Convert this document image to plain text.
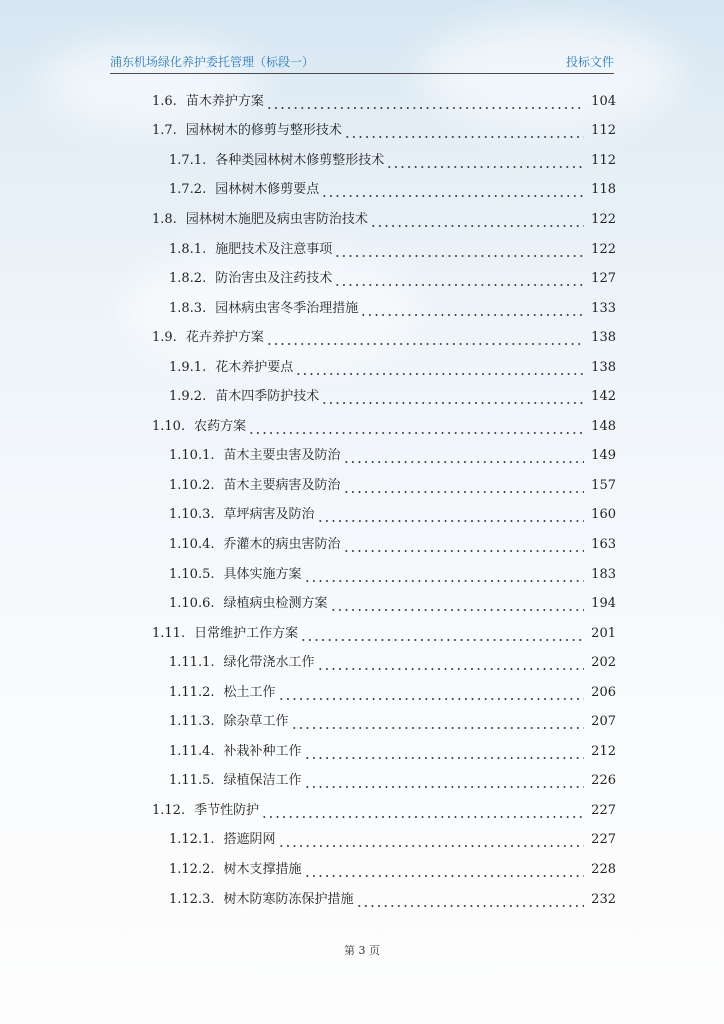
浦东机场绿化养护委托管理（标段一）	投标文件
1.6. 苗木养护方案	104
1.7. 园林树木的修剪与整形技术	112
1.7.1. 各种类园林树木修剪整形技术	112
1.7.2. 园林树木修剪要点	118
1.8. 园林树木施肥及病虫害防治技术	122
1.8.1. 施肥技术及注意事项	122
1.8.2. 防治害虫及注药技术	127
1.8.3. 园林病虫害冬季治理措施	133
1.9. 花卉养护方案	138
1.9.1. 花木养护要点	138
1.9.2. 苗木四季防护技术	142
1.10. 农药方案	148
1.10.1. 苗木主要虫害及防治	149
1.10.2. 苗木主要病害及防治	157
1.10.3. 草坪病害及防治	160
1.10.4. 乔灌木的病虫害防治	163
1.10.5. 具体实施方案	183
1.10.6. 绿植病虫检测方案	194
1.11. 日常维护工作方案	201
1.11.1. 绿化带浇水工作	202
1.11.2. 松土工作	206
1.11.3. 除杂草工作	207
1.11.4. 补栽补种工作	212
1.11.5. 绿植保洁工作	226
1.12. 季节性防护	227
1.12.1. 搭遮阴网	227
1.12.2. 树木支撑措施	228
1.12.3. 树木防寒防冻保护措施	232
第 3 页
